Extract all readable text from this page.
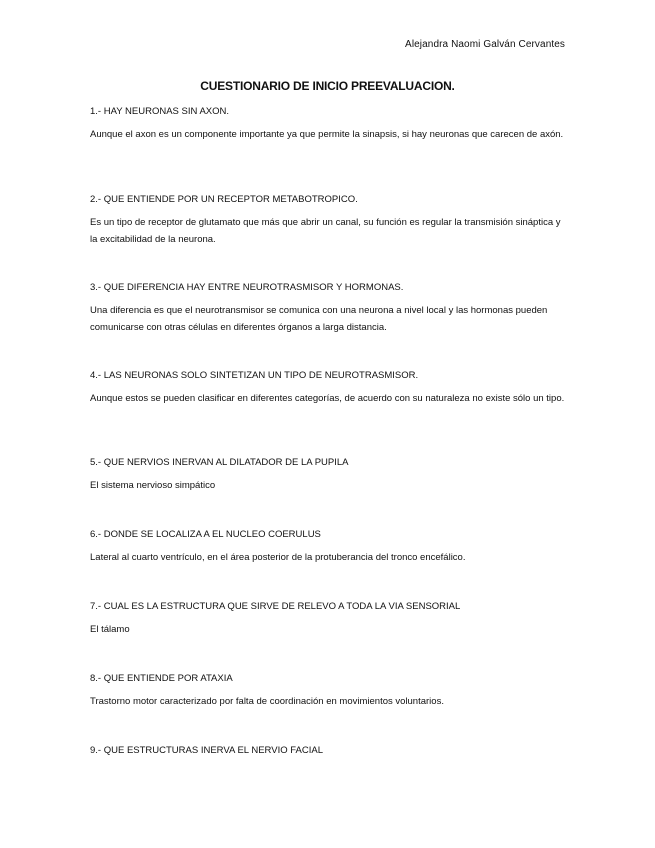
Alejandra Naomi Galván Cervantes
CUESTIONARIO DE INICIO PREEVALUACION.

1.- HAY NEURONAS SIN AXON.

Aunque el axon es un componente importante ya que permite la sinapsis, si hay neuronas que carecen de axón.

2.- QUE ENTIENDE POR UN RECEPTOR METABOTROPICO.

Es un tipo de receptor de glutamato que más que abrir un canal, su función es regular la transmisión sináptica y la excitabilidad de la neurona.

3.- QUE DIFERENCIA HAY ENTRE NEUROTRASMISOR Y HORMONAS.

Una diferencia es que el neurotransmisor se comunica con una neurona a nivel local y las hormonas pueden comunicarse con otras células en diferentes órganos a larga distancia.

4.- LAS NEURONAS SOLO SINTETIZAN UN TIPO DE NEUROTRASMISOR.

Aunque estos se pueden clasificar en diferentes categorías, de acuerdo con su naturaleza no existe sólo un tipo.

5.- QUE NERVIOS INERVAN AL DILATADOR DE LA PUPILA

El sistema nervioso simpático

6.- DONDE SE LOCALIZA A EL NUCLEO COERULUS

Lateral al cuarto ventrículo, en el área posterior de la protuberancia del tronco encefálico.

7.- CUAL ES LA ESTRUCTURA QUE SIRVE DE RELEVO A TODA LA VIA SENSORIAL

El tálamo

8.- QUE ENTIENDE POR ATAXIA

Trastorno motor caracterizado por falta de coordinación en movimientos voluntarios.

9.- QUE ESTRUCTURAS INERVA EL NERVIO FACIAL
